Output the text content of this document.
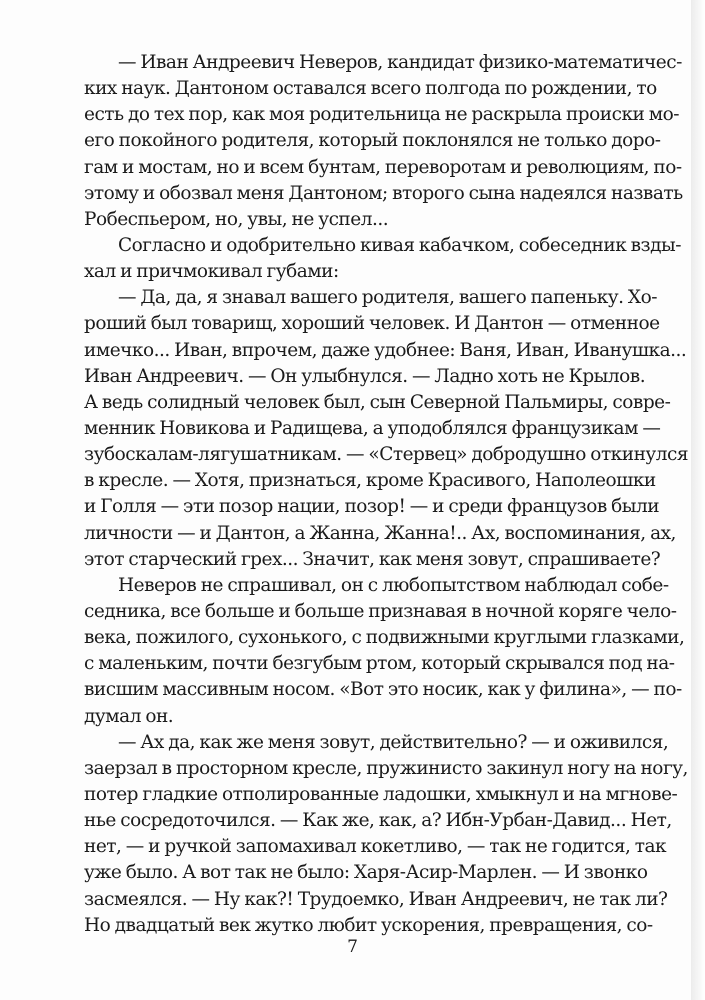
— Иван Андреевич Неверов, кандидат физико-математичес-
ких наук. Дантоном оставался всего полгода по рождении, то
есть до тех пор, как моя родительница не раскрыла происки мо-
его покойного родителя, который поклонялся не только доро-
гам и мостам, но и всем бунтам, переворотам и революциям, по-
этому и обозвал меня Дантоном; второго сына надеялся назвать
Робеспьером, но, увы, не успел...
Согласно и одобрительно кивая кабачком, собеседник взды-
хал и причмокивал губами:
— Да, да, я знавал вашего родителя, вашего папеньку. Хо-
роший был товарищ, хороший человек. И Дантон — отменное
имечко... Иван, впрочем, даже удобнее: Ваня, Иван, Иванушка...
Иван Андреевич. — Он улыбнулся. — Ладно хоть не Крылов.
А ведь солидный человек был, сын Северной Пальмиры, совре-
менник Новикова и Радищева, а уподоблялся французикам —
зубоскалам-лягушатникам. — «Стервец» добродушно откинулся
в кресле. — Хотя, признаться, кроме Красивого, Наполеошки
и Голля — эти позор нации, позор! — и среди французов были
личности — и Дантон, а Жанна, Жанна!.. Ах, воспоминания, ах,
этот старческий грех... Значит, как меня зовут, спрашиваете?
Неверов не спрашивал, он с любопытством наблюдал собе-
седника, все больше и больше признавая в ночной коряге чело-
века, пожилого, сухонького, с подвижными круглыми глазками,
с маленьким, почти безгубым ртом, который скрывался под на-
висшим массивным носом. «Вот это носик, как у филина», — по-
думал он.
— Ах да, как же меня зовут, действительно? — и оживился,
заерзал в просторном кресле, пружинисто закинул ногу на ногу,
потер гладкие отполированные ладошки, хмыкнул и на мгнове-
нье сосредоточился. — Как же, как, а? Ибн-Урбан-Давид... Нет,
нет, — и ручкой запомахивал кокетливо, — так не годится, так
уже было. А вот так не было: Харя-Асир-Марлен. — И звонко
засмеялся. — Ну как?! Трудоемко, Иван Андреевич, не так ли?
Но двадцатый век жутко любит ускорения, превращения, со-
7
